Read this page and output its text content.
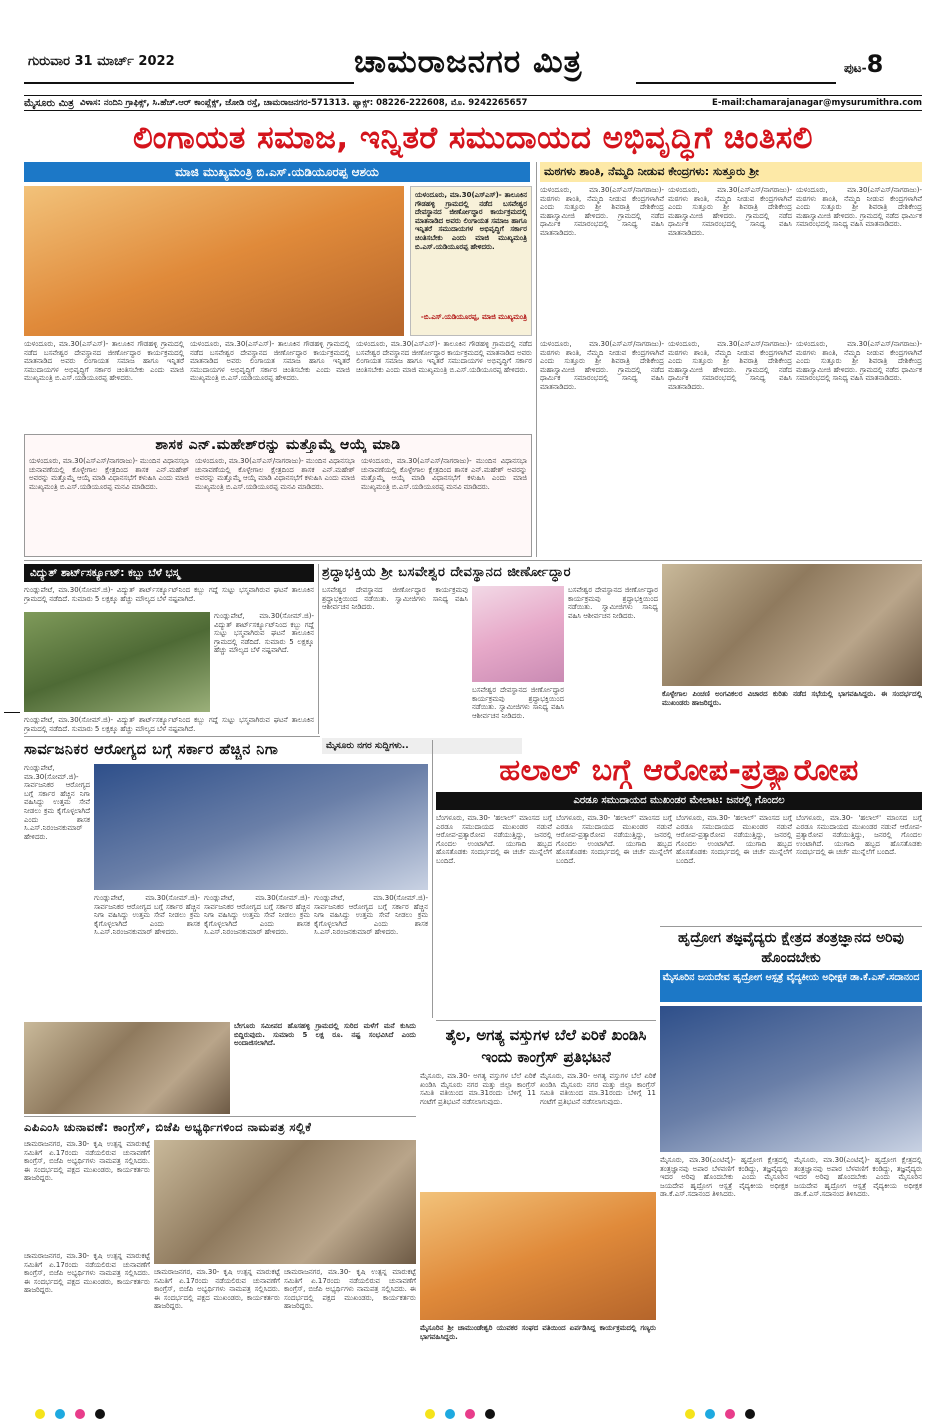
ಗುರುವಾರ 31 ಮಾರ್ಚ್ 2022	ಚಾಮರಾಜನಗರ ಮಿತ್ರ	ಪುಟ-8
ಮೈಸೂರು ಮಿತ್ರ ವಿಳಾಸ: ನಂದಿನಿ ಗ್ರಾಫಿಕ್ಸ್, ಸಿ.ಹೆಚ್.ಆರ್ ಕಾಂಪ್ಲೆಕ್ಸ್, ಜೋಡಿ ರಸ್ತೆ, ಚಾಮರಾಜನಗರ-571313. ಫ್ಯಾಕ್ಸ್: 08226-222608, ಮೊ. 9242265657	E-mail:chamarajanagar@mysurumithra.com
ಲಿಂಗಾಯತ ಸಮಾಜ, ಇನ್ನಿತರೆ ಸಮುದಾಯದ ಅಭಿವೃದ್ಧಿಗೆ ಚಿಂತಿಸಲಿ
ಮಾಜಿ ಮುಖ್ಯಮಂತ್ರಿ ಬಿ.ಎಸ್.ಯಡಿಯೂರಪ್ಪ ಆಶಯ
ಯಳಂದೂರು, ಮಾ.30(ಎಸ್‌ಎಸ್)- ತಾಲೂಕಿನ ಗೌಡಹಳ್ಳಿ ಗ್ರಾಮದಲ್ಲಿ ನಡೆದ ಬಸವೇಶ್ವರ ದೇವಸ್ಥಾನದ ಜೀರ್ಣೋದ್ಧಾರ ಕಾರ್ಯಕ್ರಮದಲ್ಲಿ ಮಾತನಾಡಿದ ಅವರು ಲಿಂಗಾಯತ ಸಮಾಜ ಹಾಗೂ ಇನ್ನಿತರೆ ಸಮುದಾಯಗಳ ಅಭಿವೃದ್ಧಿಗೆ ಸರ್ಕಾರ ಚಿಂತಿಸಬೇಕು ಎಂದು ಮಾಜಿ ಮುಖ್ಯಮಂತ್ರಿ ಬಿ.ಎಸ್.ಯಡಿಯೂರಪ್ಪ ಹೇಳಿದರು.
-ಬಿ.ಎಸ್.ಯಡಿಯೂರಪ್ಪ, ಮಾಜಿ ಮುಖ್ಯಮಂತ್ರಿ
ಯಳಂದೂರು, ಮಾ.30(ಎಸ್‌ಎಸ್)- ತಾಲೂಕಿನ ಗೌಡಹಳ್ಳಿ ಗ್ರಾಮದಲ್ಲಿ ನಡೆದ ಬಸವೇಶ್ವರ ದೇವಸ್ಥಾನದ ಜೀರ್ಣೋದ್ಧಾರ ಕಾರ್ಯಕ್ರಮದಲ್ಲಿ ಮಾತನಾಡಿದ ಅವರು ಲಿಂಗಾಯತ ಸಮಾಜ ಹಾಗೂ ಇನ್ನಿತರೆ ಸಮುದಾಯಗಳ ಅಭಿವೃದ್ಧಿಗೆ ಸರ್ಕಾರ ಚಿಂತಿಸಬೇಕು ಎಂದು ಮಾಜಿ ಮುಖ್ಯಮಂತ್ರಿ ಬಿ.ಎಸ್.ಯಡಿಯೂರಪ್ಪ ಹೇಳಿದರು.
ಯಳಂದೂರು, ಮಾ.30(ಎಸ್‌ಎಸ್)- ತಾಲೂಕಿನ ಗೌಡಹಳ್ಳಿ ಗ್ರಾಮದಲ್ಲಿ ನಡೆದ ಬಸವೇಶ್ವರ ದೇವಸ್ಥಾನದ ಜೀರ್ಣೋದ್ಧಾರ ಕಾರ್ಯಕ್ರಮದಲ್ಲಿ ಮಾತನಾಡಿದ ಅವರು ಲಿಂಗಾಯತ ಸಮಾಜ ಹಾಗೂ ಇನ್ನಿತರೆ ಸಮುದಾಯಗಳ ಅಭಿವೃದ್ಧಿಗೆ ಸರ್ಕಾರ ಚಿಂತಿಸಬೇಕು ಎಂದು ಮಾಜಿ ಮುಖ್ಯಮಂತ್ರಿ ಬಿ.ಎಸ್.ಯಡಿಯೂರಪ್ಪ ಹೇಳಿದರು.
ಯಳಂದೂರು, ಮಾ.30(ಎಸ್‌ಎಸ್)- ತಾಲೂಕಿನ ಗೌಡಹಳ್ಳಿ ಗ್ರಾಮದಲ್ಲಿ ನಡೆದ ಬಸವೇಶ್ವರ ದೇವಸ್ಥಾನದ ಜೀರ್ಣೋದ್ಧಾರ ಕಾರ್ಯಕ್ರಮದಲ್ಲಿ ಮಾತನಾಡಿದ ಅವರು ಲಿಂಗಾಯತ ಸಮಾಜ ಹಾಗೂ ಇನ್ನಿತರೆ ಸಮುದಾಯಗಳ ಅಭಿವೃದ್ಧಿಗೆ ಸರ್ಕಾರ ಚಿಂತಿಸಬೇಕು ಎಂದು ಮಾಜಿ ಮುಖ್ಯಮಂತ್ರಿ ಬಿ.ಎಸ್.ಯಡಿಯೂರಪ್ಪ ಹೇಳಿದರು.
ಮಠಗಳು ಶಾಂತಿ, ನೆಮ್ಮದಿ ನೀಡುವ ಕೇಂದ್ರಗಳು: ಸುತ್ತೂರು ಶ್ರೀ
ಯಳಂದೂರು, ಮಾ.30(ಎಸ್‌ಎಸ್/ನಾಗರಾಜು)- ಮಠಗಳು ಶಾಂತಿ, ನೆಮ್ಮದಿ ನೀಡುವ ಕೇಂದ್ರಗಳಾಗಿವೆ ಎಂದು ಸುತ್ತೂರು ಶ್ರೀ ಶಿವರಾತ್ರಿ ದೇಶಿಕೇಂದ್ರ ಮಹಾಸ್ವಾಮೀಜಿ ಹೇಳಿದರು. ಗ್ರಾಮದಲ್ಲಿ ನಡೆದ ಧಾರ್ಮಿಕ ಸಮಾರಂಭದಲ್ಲಿ ಸಾನಿಧ್ಯ ವಹಿಸಿ ಮಾತನಾಡಿದರು.
ಯಳಂದೂರು, ಮಾ.30(ಎಸ್‌ಎಸ್/ನಾಗರಾಜು)- ಮಠಗಳು ಶಾಂತಿ, ನೆಮ್ಮದಿ ನೀಡುವ ಕೇಂದ್ರಗಳಾಗಿವೆ ಎಂದು ಸುತ್ತೂರು ಶ್ರೀ ಶಿವರಾತ್ರಿ ದೇಶಿಕೇಂದ್ರ ಮಹಾಸ್ವಾಮೀಜಿ ಹೇಳಿದರು. ಗ್ರಾಮದಲ್ಲಿ ನಡೆದ ಧಾರ್ಮಿಕ ಸಮಾರಂಭದಲ್ಲಿ ಸಾನಿಧ್ಯ ವಹಿಸಿ ಮಾತನಾಡಿದರು.
ಯಳಂದೂರು, ಮಾ.30(ಎಸ್‌ಎಸ್/ನಾಗರಾಜು)- ಮಠಗಳು ಶಾಂತಿ, ನೆಮ್ಮದಿ ನೀಡುವ ಕೇಂದ್ರಗಳಾಗಿವೆ ಎಂದು ಸುತ್ತೂರು ಶ್ರೀ ಶಿವರಾತ್ರಿ ದೇಶಿಕೇಂದ್ರ ಮಹಾಸ್ವಾಮೀಜಿ ಹೇಳಿದರು. ಗ್ರಾಮದಲ್ಲಿ ನಡೆದ ಧಾರ್ಮಿಕ ಸಮಾರಂಭದಲ್ಲಿ ಸಾನಿಧ್ಯ ವಹಿಸಿ ಮಾತನಾಡಿದರು.
ಯಳಂದೂರು, ಮಾ.30(ಎಸ್‌ಎಸ್/ನಾಗರಾಜು)- ಮಠಗಳು ಶಾಂತಿ, ನೆಮ್ಮದಿ ನೀಡುವ ಕೇಂದ್ರಗಳಾಗಿವೆ ಎಂದು ಸುತ್ತೂರು ಶ್ರೀ ಶಿವರಾತ್ರಿ ದೇಶಿಕೇಂದ್ರ ಮಹಾಸ್ವಾಮೀಜಿ ಹೇಳಿದರು. ಗ್ರಾಮದಲ್ಲಿ ನಡೆದ ಧಾರ್ಮಿಕ ಸಮಾರಂಭದಲ್ಲಿ ಸಾನಿಧ್ಯ ವಹಿಸಿ ಮಾತನಾಡಿದರು.
ಯಳಂದೂರು, ಮಾ.30(ಎಸ್‌ಎಸ್/ನಾಗರಾಜು)- ಮಠಗಳು ಶಾಂತಿ, ನೆಮ್ಮದಿ ನೀಡುವ ಕೇಂದ್ರಗಳಾಗಿವೆ ಎಂದು ಸುತ್ತೂರು ಶ್ರೀ ಶಿವರಾತ್ರಿ ದೇಶಿಕೇಂದ್ರ ಮಹಾಸ್ವಾಮೀಜಿ ಹೇಳಿದರು. ಗ್ರಾಮದಲ್ಲಿ ನಡೆದ ಧಾರ್ಮಿಕ ಸಮಾರಂಭದಲ್ಲಿ ಸಾನಿಧ್ಯ ವಹಿಸಿ ಮಾತನಾಡಿದರು.
ಯಳಂದೂರು, ಮಾ.30(ಎಸ್‌ಎಸ್/ನಾಗರಾಜು)- ಮಠಗಳು ಶಾಂತಿ, ನೆಮ್ಮದಿ ನೀಡುವ ಕೇಂದ್ರಗಳಾಗಿವೆ ಎಂದು ಸುತ್ತೂರು ಶ್ರೀ ಶಿವರಾತ್ರಿ ದೇಶಿಕೇಂದ್ರ ಮಹಾಸ್ವಾಮೀಜಿ ಹೇಳಿದರು. ಗ್ರಾಮದಲ್ಲಿ ನಡೆದ ಧಾರ್ಮಿಕ ಸಮಾರಂಭದಲ್ಲಿ ಸಾನಿಧ್ಯ ವಹಿಸಿ ಮಾತನಾಡಿದರು.
ಶಾಸಕ ಎನ್.ಮಹೇಶ್‌ರನ್ನು ಮತ್ತೊಮ್ಮೆ ಆಯ್ಕೆ ಮಾಡಿ
ಯಳಂದೂರು, ಮಾ.30(ಎಸ್‌ಎಸ್/ನಾಗರಾಜು)- ಮುಂದಿನ ವಿಧಾನಸಭಾ ಚುನಾವಣೆಯಲ್ಲಿ ಕೊಳ್ಳೇಗಾಲ ಕ್ಷೇತ್ರದಿಂದ ಶಾಸಕ ಎನ್.ಮಹೇಶ್ ಅವರನ್ನು ಮತ್ತೊಮ್ಮೆ ಆಯ್ಕೆ ಮಾಡಿ ವಿಧಾನಸಭೆಗೆ ಕಳುಹಿಸಿ ಎಂದು ಮಾಜಿ ಮುಖ್ಯಮಂತ್ರಿ ಬಿ.ಎಸ್.ಯಡಿಯೂರಪ್ಪ ಮನವಿ ಮಾಡಿದರು.
ಯಳಂದೂರು, ಮಾ.30(ಎಸ್‌ಎಸ್/ನಾಗರಾಜು)- ಮುಂದಿನ ವಿಧಾನಸಭಾ ಚುನಾವಣೆಯಲ್ಲಿ ಕೊಳ್ಳೇಗಾಲ ಕ್ಷೇತ್ರದಿಂದ ಶಾಸಕ ಎನ್.ಮಹೇಶ್ ಅವರನ್ನು ಮತ್ತೊಮ್ಮೆ ಆಯ್ಕೆ ಮಾಡಿ ವಿಧಾನಸಭೆಗೆ ಕಳುಹಿಸಿ ಎಂದು ಮಾಜಿ ಮುಖ್ಯಮಂತ್ರಿ ಬಿ.ಎಸ್.ಯಡಿಯೂರಪ್ಪ ಮನವಿ ಮಾಡಿದರು.
ಯಳಂದೂರು, ಮಾ.30(ಎಸ್‌ಎಸ್/ನಾಗರಾಜು)- ಮುಂದಿನ ವಿಧಾನಸಭಾ ಚುನಾವಣೆಯಲ್ಲಿ ಕೊಳ್ಳೇಗಾಲ ಕ್ಷೇತ್ರದಿಂದ ಶಾಸಕ ಎನ್.ಮಹೇಶ್ ಅವರನ್ನು ಮತ್ತೊಮ್ಮೆ ಆಯ್ಕೆ ಮಾಡಿ ವಿಧಾನಸಭೆಗೆ ಕಳುಹಿಸಿ ಎಂದು ಮಾಜಿ ಮುಖ್ಯಮಂತ್ರಿ ಬಿ.ಎಸ್.ಯಡಿಯೂರಪ್ಪ ಮನವಿ ಮಾಡಿದರು.
ವಿದ್ಯುತ್ ಶಾರ್ಟ್‌ಸರ್ಕ್ಯೂಟ್: ಕಬ್ಬು ಬೆಳೆ ಭಸ್ಮ
ಗುಂಡ್ಲುಪೇಟೆ, ಮಾ.30(ಸೋಮ್.ಜಿ)- ವಿದ್ಯುತ್ ಶಾರ್ಟ್‌ಸರ್ಕ್ಯೂಟ್‌ನಿಂದ ಕಬ್ಬು ಗದ್ದೆ ಸುಟ್ಟು ಭಸ್ಮವಾಗಿರುವ ಘಟನೆ ತಾಲೂಕಿನ ಗ್ರಾಮದಲ್ಲಿ ನಡೆದಿದೆ. ಸುಮಾರು 5 ಲಕ್ಷಕ್ಕೂ ಹೆಚ್ಚು ಮೌಲ್ಯದ ಬೆಳೆ ನಷ್ಟವಾಗಿದೆ.
ಗುಂಡ್ಲುಪೇಟೆ, ಮಾ.30(ಸೋಮ್.ಜಿ)- ವಿದ್ಯುತ್ ಶಾರ್ಟ್‌ಸರ್ಕ್ಯೂಟ್‌ನಿಂದ ಕಬ್ಬು ಗದ್ದೆ ಸುಟ್ಟು ಭಸ್ಮವಾಗಿರುವ ಘಟನೆ ತಾಲೂಕಿನ ಗ್ರಾಮದಲ್ಲಿ ನಡೆದಿದೆ. ಸುಮಾರು 5 ಲಕ್ಷಕ್ಕೂ ಹೆಚ್ಚು ಮೌಲ್ಯದ ಬೆಳೆ ನಷ್ಟವಾಗಿದೆ.
ಗುಂಡ್ಲುಪೇಟೆ, ಮಾ.30(ಸೋಮ್.ಜಿ)- ವಿದ್ಯುತ್ ಶಾರ್ಟ್‌ಸರ್ಕ್ಯೂಟ್‌ನಿಂದ ಕಬ್ಬು ಗದ್ದೆ ಸುಟ್ಟು ಭಸ್ಮವಾಗಿರುವ ಘಟನೆ ತಾಲೂಕಿನ ಗ್ರಾಮದಲ್ಲಿ ನಡೆದಿದೆ. ಸುಮಾರು 5 ಲಕ್ಷಕ್ಕೂ ಹೆಚ್ಚು ಮೌಲ್ಯದ ಬೆಳೆ ನಷ್ಟವಾಗಿದೆ.
ಶ್ರದ್ಧಾಭಕ್ತಿಯ ಶ್ರೀ ಬಸವೇಶ್ವರ ದೇವಸ್ಥಾನದ ಜೀರ್ಣೋದ್ಧಾರ
ಬಸವೇಶ್ವರ ದೇವಸ್ಥಾನದ ಜೀರ್ಣೋದ್ಧಾರ ಕಾರ್ಯಕ್ರಮವು ಶ್ರದ್ಧಾಭಕ್ತಿಯಿಂದ ನಡೆಯಿತು. ಸ್ವಾಮೀಜಿಗಳು ಸಾನಿಧ್ಯ ವಹಿಸಿ ಆಶೀರ್ವಚನ ನೀಡಿದರು.
ಬಸವೇಶ್ವರ ದೇವಸ್ಥಾನದ ಜೀರ್ಣೋದ್ಧಾರ ಕಾರ್ಯಕ್ರಮವು ಶ್ರದ್ಧಾಭಕ್ತಿಯಿಂದ ನಡೆಯಿತು. ಸ್ವಾಮೀಜಿಗಳು ಸಾನಿಧ್ಯ ವಹಿಸಿ ಆಶೀರ್ವಚನ ನೀಡಿದರು.
ಬಸವೇಶ್ವರ ದೇವಸ್ಥಾನದ ಜೀರ್ಣೋದ್ಧಾರ ಕಾರ್ಯಕ್ರಮವು ಶ್ರದ್ಧಾಭಕ್ತಿಯಿಂದ ನಡೆಯಿತು. ಸ್ವಾಮೀಜಿಗಳು ಸಾನಿಧ್ಯ ವಹಿಸಿ ಆಶೀರ್ವಚನ ನೀಡಿದರು.
ಕೊಳ್ಳೇಗಾಲ ಪಿಂಚಣಿ ಅಂಗವಿಕಲರ ವಿಚಾರದ ಕುರಿತು ನಡೆದ ಸಭೆಯಲ್ಲಿ ಭಾಗವಹಿಸಿದ್ದರು. ಈ ಸಂದರ್ಭದಲ್ಲಿ ಮುಖಂಡರು ಹಾಜರಿದ್ದರು.
ಮೈಸೂರು ನಗರ ಸುದ್ದಿಗಳು..
ಸಾರ್ವಜನಿಕರ ಆರೋಗ್ಯದ ಬಗ್ಗೆ ಸರ್ಕಾರ ಹೆಚ್ಚಿನ ನಿಗಾ
ಗುಂಡ್ಲುಪೇಟೆ, ಮಾ.30(ಸೋಮ್.ಜಿ)- ಸಾರ್ವಜನಿಕರ ಆರೋಗ್ಯದ ಬಗ್ಗೆ ಸರ್ಕಾರ ಹೆಚ್ಚಿನ ನಿಗಾ ವಹಿಸಿದ್ದು ಉತ್ತಮ ಸೇವೆ ನೀಡಲು ಕ್ರಮ ಕೈಗೊಳ್ಳಲಾಗಿದೆ ಎಂದು ಶಾಸಕ ಸಿ.ಎಸ್.ನಿರಂಜನಕುಮಾರ್ ಹೇಳಿದರು.
ಗುಂಡ್ಲುಪೇಟೆ, ಮಾ.30(ಸೋಮ್.ಜಿ)- ಸಾರ್ವಜನಿಕರ ಆರೋಗ್ಯದ ಬಗ್ಗೆ ಸರ್ಕಾರ ಹೆಚ್ಚಿನ ನಿಗಾ ವಹಿಸಿದ್ದು ಉತ್ತಮ ಸೇವೆ ನೀಡಲು ಕ್ರಮ ಕೈಗೊಳ್ಳಲಾಗಿದೆ ಎಂದು ಶಾಸಕ ಸಿ.ಎಸ್.ನಿರಂಜನಕುಮಾರ್ ಹೇಳಿದರು.
ಗುಂಡ್ಲುಪೇಟೆ, ಮಾ.30(ಸೋಮ್.ಜಿ)- ಸಾರ್ವಜನಿಕರ ಆರೋಗ್ಯದ ಬಗ್ಗೆ ಸರ್ಕಾರ ಹೆಚ್ಚಿನ ನಿಗಾ ವಹಿಸಿದ್ದು ಉತ್ತಮ ಸೇವೆ ನೀಡಲು ಕ್ರಮ ಕೈಗೊಳ್ಳಲಾಗಿದೆ ಎಂದು ಶಾಸಕ ಸಿ.ಎಸ್.ನಿರಂಜನಕುಮಾರ್ ಹೇಳಿದರು.
ಗುಂಡ್ಲುಪೇಟೆ, ಮಾ.30(ಸೋಮ್.ಜಿ)- ಸಾರ್ವಜನಿಕರ ಆರೋಗ್ಯದ ಬಗ್ಗೆ ಸರ್ಕಾರ ಹೆಚ್ಚಿನ ನಿಗಾ ವಹಿಸಿದ್ದು ಉತ್ತಮ ಸೇವೆ ನೀಡಲು ಕ್ರಮ ಕೈಗೊಳ್ಳಲಾಗಿದೆ ಎಂದು ಶಾಸಕ ಸಿ.ಎಸ್.ನಿರಂಜನಕುಮಾರ್ ಹೇಳಿದರು.
ಹಲಾಲ್ ಬಗ್ಗೆ ಆರೋಪ-ಪ್ರತ್ಯಾರೋಪ
ಎರಡೂ ಸಮುದಾಯದ ಮುಖಂಡರ ಮೇಲಾಟ: ಜನರಲ್ಲಿ ಗೊಂದಲ
ಬೆಂಗಳೂರು, ಮಾ.30- 'ಹಲಾಲ್' ಮಾಂಸದ ಬಗ್ಗೆ ಎರಡೂ ಸಮುದಾಯದ ಮುಖಂಡರ ನಡುವೆ ಆರೋಪ-ಪ್ರತ್ಯಾರೋಪ ನಡೆಯುತ್ತಿದ್ದು, ಜನರಲ್ಲಿ ಗೊಂದಲ ಉಂಟಾಗಿದೆ. ಯುಗಾದಿ ಹಬ್ಬದ ಹೊಸತೊಡಕು ಸಂದರ್ಭದಲ್ಲಿ ಈ ಚರ್ಚೆ ಮುನ್ನೆಲೆಗೆ ಬಂದಿದೆ.
ಬೆಂಗಳೂರು, ಮಾ.30- 'ಹಲಾಲ್' ಮಾಂಸದ ಬಗ್ಗೆ ಎರಡೂ ಸಮುದಾಯದ ಮುಖಂಡರ ನಡುವೆ ಆರೋಪ-ಪ್ರತ್ಯಾರೋಪ ನಡೆಯುತ್ತಿದ್ದು, ಜನರಲ್ಲಿ ಗೊಂದಲ ಉಂಟಾಗಿದೆ. ಯುಗಾದಿ ಹಬ್ಬದ ಹೊಸತೊಡಕು ಸಂದರ್ಭದಲ್ಲಿ ಈ ಚರ್ಚೆ ಮುನ್ನೆಲೆಗೆ ಬಂದಿದೆ.
ಬೆಂಗಳೂರು, ಮಾ.30- 'ಹಲಾಲ್' ಮಾಂಸದ ಬಗ್ಗೆ ಎರಡೂ ಸಮುದಾಯದ ಮುಖಂಡರ ನಡುವೆ ಆರೋಪ-ಪ್ರತ್ಯಾರೋಪ ನಡೆಯುತ್ತಿದ್ದು, ಜನರಲ್ಲಿ ಗೊಂದಲ ಉಂಟಾಗಿದೆ. ಯುಗಾದಿ ಹಬ್ಬದ ಹೊಸತೊಡಕು ಸಂದರ್ಭದಲ್ಲಿ ಈ ಚರ್ಚೆ ಮುನ್ನೆಲೆಗೆ ಬಂದಿದೆ.
ಬೆಂಗಳೂರು, ಮಾ.30- 'ಹಲಾಲ್' ಮಾಂಸದ ಬಗ್ಗೆ ಎರಡೂ ಸಮುದಾಯದ ಮುಖಂಡರ ನಡುವೆ ಆರೋಪ-ಪ್ರತ್ಯಾರೋಪ ನಡೆಯುತ್ತಿದ್ದು, ಜನರಲ್ಲಿ ಗೊಂದಲ ಉಂಟಾಗಿದೆ. ಯುಗಾದಿ ಹಬ್ಬದ ಹೊಸತೊಡಕು ಸಂದರ್ಭದಲ್ಲಿ ಈ ಚರ್ಚೆ ಮುನ್ನೆಲೆಗೆ ಬಂದಿದೆ.
ಹೃದ್ರೋಗ ತಜ್ಞವೈದ್ಯರು ಕ್ಷೇತ್ರದ ತಂತ್ರಜ್ಞಾನದ ಅರಿವು ಹೊಂದಬೇಕು
ಮೈಸೂರಿನ ಜಯದೇವ ಹೃದ್ರೋಗ ಆಸ್ಪತ್ರೆ ವೈದ್ಯಕೀಯ ಅಧೀಕ್ಷಕ ಡಾ.ಕೆ.ಎಸ್.ಸದಾನಂದ
ಮೈಸೂರು, ಮಾ.30(ಎಂಟಿವೈ)- ಹೃದ್ರೋಗ ಕ್ಷೇತ್ರದಲ್ಲಿ ತಂತ್ರಜ್ಞಾನವು ಅಪಾರ ಬೆಳವಣಿಗೆ ಕಂಡಿದ್ದು, ತಜ್ಞವೈದ್ಯರು ಇದರ ಅರಿವು ಹೊಂದಬೇಕು ಎಂದು ಮೈಸೂರಿನ ಜಯದೇವ ಹೃದ್ರೋಗ ಆಸ್ಪತ್ರೆ ವೈದ್ಯಕೀಯ ಅಧೀಕ್ಷಕ ಡಾ.ಕೆ.ಎಸ್.ಸದಾನಂದ ತಿಳಿಸಿದರು.
ಮೈಸೂರು, ಮಾ.30(ಎಂಟಿವೈ)- ಹೃದ್ರೋಗ ಕ್ಷೇತ್ರದಲ್ಲಿ ತಂತ್ರಜ್ಞಾನವು ಅಪಾರ ಬೆಳವಣಿಗೆ ಕಂಡಿದ್ದು, ತಜ್ಞವೈದ್ಯರು ಇದರ ಅರಿವು ಹೊಂದಬೇಕು ಎಂದು ಮೈಸೂರಿನ ಜಯದೇವ ಹೃದ್ರೋಗ ಆಸ್ಪತ್ರೆ ವೈದ್ಯಕೀಯ ಅಧೀಕ್ಷಕ ಡಾ.ಕೆ.ಎಸ್.ಸದಾನಂದ ತಿಳಿಸಿದರು.
ತೈಲ, ಅಗತ್ಯ ವಸ್ತುಗಳ ಬೆಲೆ ಏರಿಕೆ ಖಂಡಿಸಿ ಇಂದು ಕಾಂಗ್ರೆಸ್ ಪ್ರತಿಭಟನೆ
ಮೈಸೂರು, ಮಾ.30- ಅಗತ್ಯ ವಸ್ತುಗಳ ಬೆಲೆ ಏರಿಕೆ ಖಂಡಿಸಿ ಮೈಸೂರು ನಗರ ಮತ್ತು ಜಿಲ್ಲಾ ಕಾಂಗ್ರೆಸ್ ಸಮಿತಿ ವತಿಯಿಂದ ಮಾ.31ರಂದು ಬೆಳಿಗ್ಗೆ 11 ಗಂಟೆಗೆ ಪ್ರತಿಭಟನೆ ನಡೆಸಲಾಗುವುದು.
ಮೈಸೂರು, ಮಾ.30- ಅಗತ್ಯ ವಸ್ತುಗಳ ಬೆಲೆ ಏರಿಕೆ ಖಂಡಿಸಿ ಮೈಸೂರು ನಗರ ಮತ್ತು ಜಿಲ್ಲಾ ಕಾಂಗ್ರೆಸ್ ಸಮಿತಿ ವತಿಯಿಂದ ಮಾ.31ರಂದು ಬೆಳಿಗ್ಗೆ 11 ಗಂಟೆಗೆ ಪ್ರತಿಭಟನೆ ನಡೆಸಲಾಗುವುದು.
ಮೈಸೂರಿನ ಶ್ರೀ ಚಾಮುಂಡೇಶ್ವರಿ ಯುವಕರ ಸಂಘದ ವತಿಯಿಂದ ಏರ್ಪಡಿಸಿದ್ದ ಕಾರ್ಯಕ್ರಮದಲ್ಲಿ ಗಣ್ಯರು ಭಾಗವಹಿಸಿದ್ದರು.
ಬೇಗೂರು ಸಮೀಪದ ಹೊಸಹಳ್ಳಿ ಗ್ರಾಮದಲ್ಲಿ ಸುರಿದ ಮಳೆಗೆ ಮನೆ ಕುಸಿದು ಬಿದ್ದಿರುವುದು. ಸುಮಾರು 5 ಲಕ್ಷ ರೂ. ನಷ್ಟ ಸಂಭವಿಸಿದೆ ಎಂದು ಅಂದಾಜಿಸಲಾಗಿದೆ.
ಎಪಿಎಂಸಿ ಚುನಾವಣೆ: ಕಾಂಗ್ರೆಸ್, ಬಿಜೆಪಿ ಅಭ್ಯರ್ಥಿಗಳಿಂದ ನಾಮಪತ್ರ ಸಲ್ಲಿಕೆ
ಚಾಮರಾಜನಗರ, ಮಾ.30- ಕೃಷಿ ಉತ್ಪನ್ನ ಮಾರುಕಟ್ಟೆ ಸಮಿತಿಗೆ ಏ.17ರಂದು ನಡೆಯಲಿರುವ ಚುನಾವಣೆಗೆ ಕಾಂಗ್ರೆಸ್, ಬಿಜೆಪಿ ಅಭ್ಯರ್ಥಿಗಳು ನಾಮಪತ್ರ ಸಲ್ಲಿಸಿದರು. ಈ ಸಂದರ್ಭದಲ್ಲಿ ಪಕ್ಷದ ಮುಖಂಡರು, ಕಾರ್ಯಕರ್ತರು ಹಾಜರಿದ್ದರು.
ಚಾಮರಾಜನಗರ, ಮಾ.30- ಕೃಷಿ ಉತ್ಪನ್ನ ಮಾರುಕಟ್ಟೆ ಸಮಿತಿಗೆ ಏ.17ರಂದು ನಡೆಯಲಿರುವ ಚುನಾವಣೆಗೆ ಕಾಂಗ್ರೆಸ್, ಬಿಜೆಪಿ ಅಭ್ಯರ್ಥಿಗಳು ನಾಮಪತ್ರ ಸಲ್ಲಿಸಿದರು. ಈ ಸಂದರ್ಭದಲ್ಲಿ ಪಕ್ಷದ ಮುಖಂಡರು, ಕಾರ್ಯಕರ್ತರು ಹಾಜರಿದ್ದರು.
ಚಾಮರಾಜನಗರ, ಮಾ.30- ಕೃಷಿ ಉತ್ಪನ್ನ ಮಾರುಕಟ್ಟೆ ಸಮಿತಿಗೆ ಏ.17ರಂದು ನಡೆಯಲಿರುವ ಚುನಾವಣೆಗೆ ಕಾಂಗ್ರೆಸ್, ಬಿಜೆಪಿ ಅಭ್ಯರ್ಥಿಗಳು ನಾಮಪತ್ರ ಸಲ್ಲಿಸಿದರು. ಈ ಸಂದರ್ಭದಲ್ಲಿ ಪಕ್ಷದ ಮುಖಂಡರು, ಕಾರ್ಯಕರ್ತರು ಹಾಜರಿದ್ದರು.
ಚಾಮರಾಜನಗರ, ಮಾ.30- ಕೃಷಿ ಉತ್ಪನ್ನ ಮಾರುಕಟ್ಟೆ ಸಮಿತಿಗೆ ಏ.17ರಂದು ನಡೆಯಲಿರುವ ಚುನಾವಣೆಗೆ ಕಾಂಗ್ರೆಸ್, ಬಿಜೆಪಿ ಅಭ್ಯರ್ಥಿಗಳು ನಾಮಪತ್ರ ಸಲ್ಲಿಸಿದರು. ಈ ಸಂದರ್ಭದಲ್ಲಿ ಪಕ್ಷದ ಮುಖಂಡರು, ಕಾರ್ಯಕರ್ತರು ಹಾಜರಿದ್ದರು.
